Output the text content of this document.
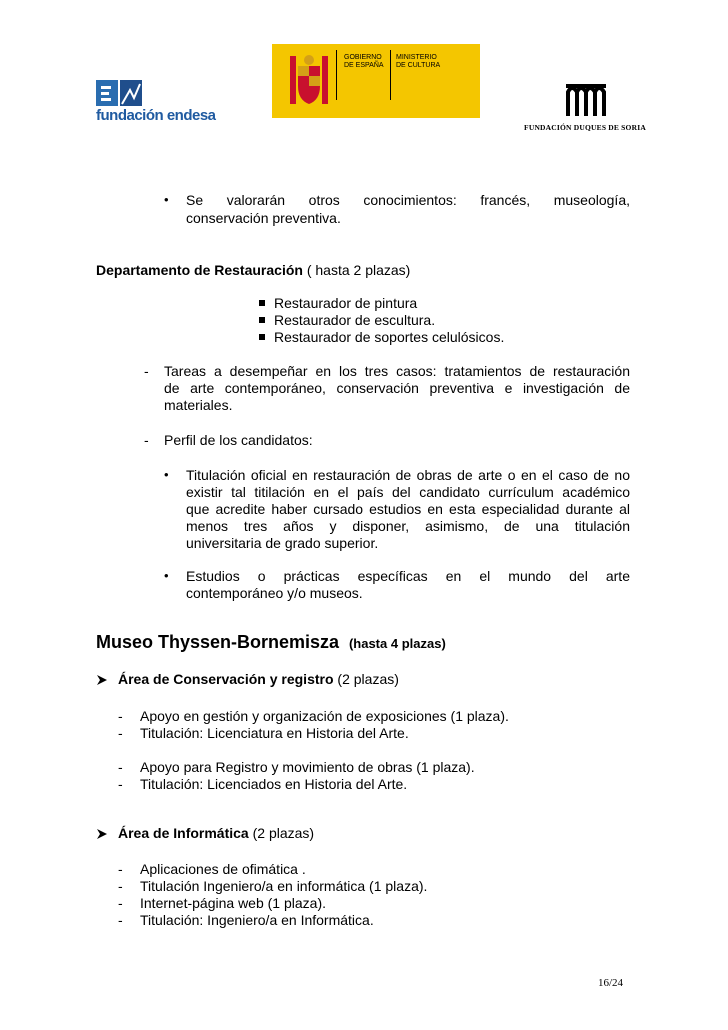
fundación endesa
GOBIERNO
DE ESPAÑA
MINISTERIO
DE CULTURA
FUNDACIÓN DUQUES DE SORIA
• Se valorarán otros conocimientos: francés, museología,
conservación preventiva.
Departamento de Restauración ( hasta 2 plazas)
Restaurador de pintura
Restaurador de escultura.
Restaurador de soportes celulósicos.
- Tareas a desempeñar en los tres casos: tratamientos de restauración
de arte contemporáneo, conservación preventiva e investigación de
materiales.
- Perfil de los candidatos:
• Titulación oficial en restauración de obras de arte o en el caso de no
existir tal titilación en el país del candidato currículum académico
que acredite haber cursado estudios en esta especialidad durante al
menos tres años y disponer, asimismo, de una titulación
universitaria de grado superior.
• Estudios o prácticas específicas en el mundo del arte
contemporáneo y/o museos.
Museo Thyssen-Bornemisza (hasta 4 plazas)
Área de Conservación y registro (2 plazas)
- Apoyo en gestión y organización de exposiciones (1 plaza).
- Titulación: Licenciatura en Historia del Arte.
- Apoyo para Registro y movimiento de obras (1 plaza).
- Titulación: Licenciados en Historia del Arte.
Área de Informática (2 plazas)
- Aplicaciones de ofimática .
- Titulación Ingeniero/a en informática (1 plaza).
- Internet-página web (1 plaza).
- Titulación: Ingeniero/a en Informática.
16/24
